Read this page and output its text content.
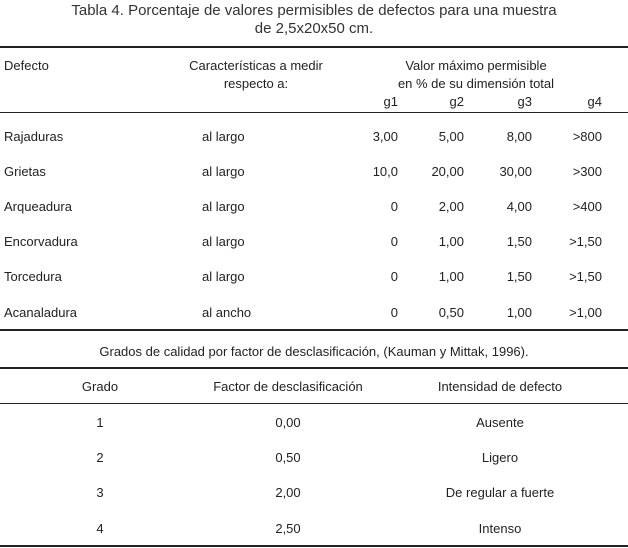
Tabla 4. Porcentaje de valores permisibles de defectos para una muestra
de 2,5x20x50 cm.
Defecto	Características a medir
respecto a:
Valor máximo permisible
en % de su dimensión total
g1	g2	g3	g4
Rajaduras	al largo	3,00	5,00	8,00	>800
Grietas	al largo	10,0	20,00	30,00	>300
Arqueadura	al largo	0	2,00	4,00	>400
Encorvadura	al largo	0	1,00	1,50	>1,50
Torcedura	al largo	0	1,00	1,50	>1,50
Acanaladura	al ancho	0	0,50	1,00	>1,00
Grados de calidad por factor de desclasificación, (Kauman y Mittak, 1996).
Grado	Factor de desclasificación	Intensidad de defecto
1	0,00	Ausente
2	0,50	Ligero
3	2,00	De regular a fuerte
4	2,50	Intenso
